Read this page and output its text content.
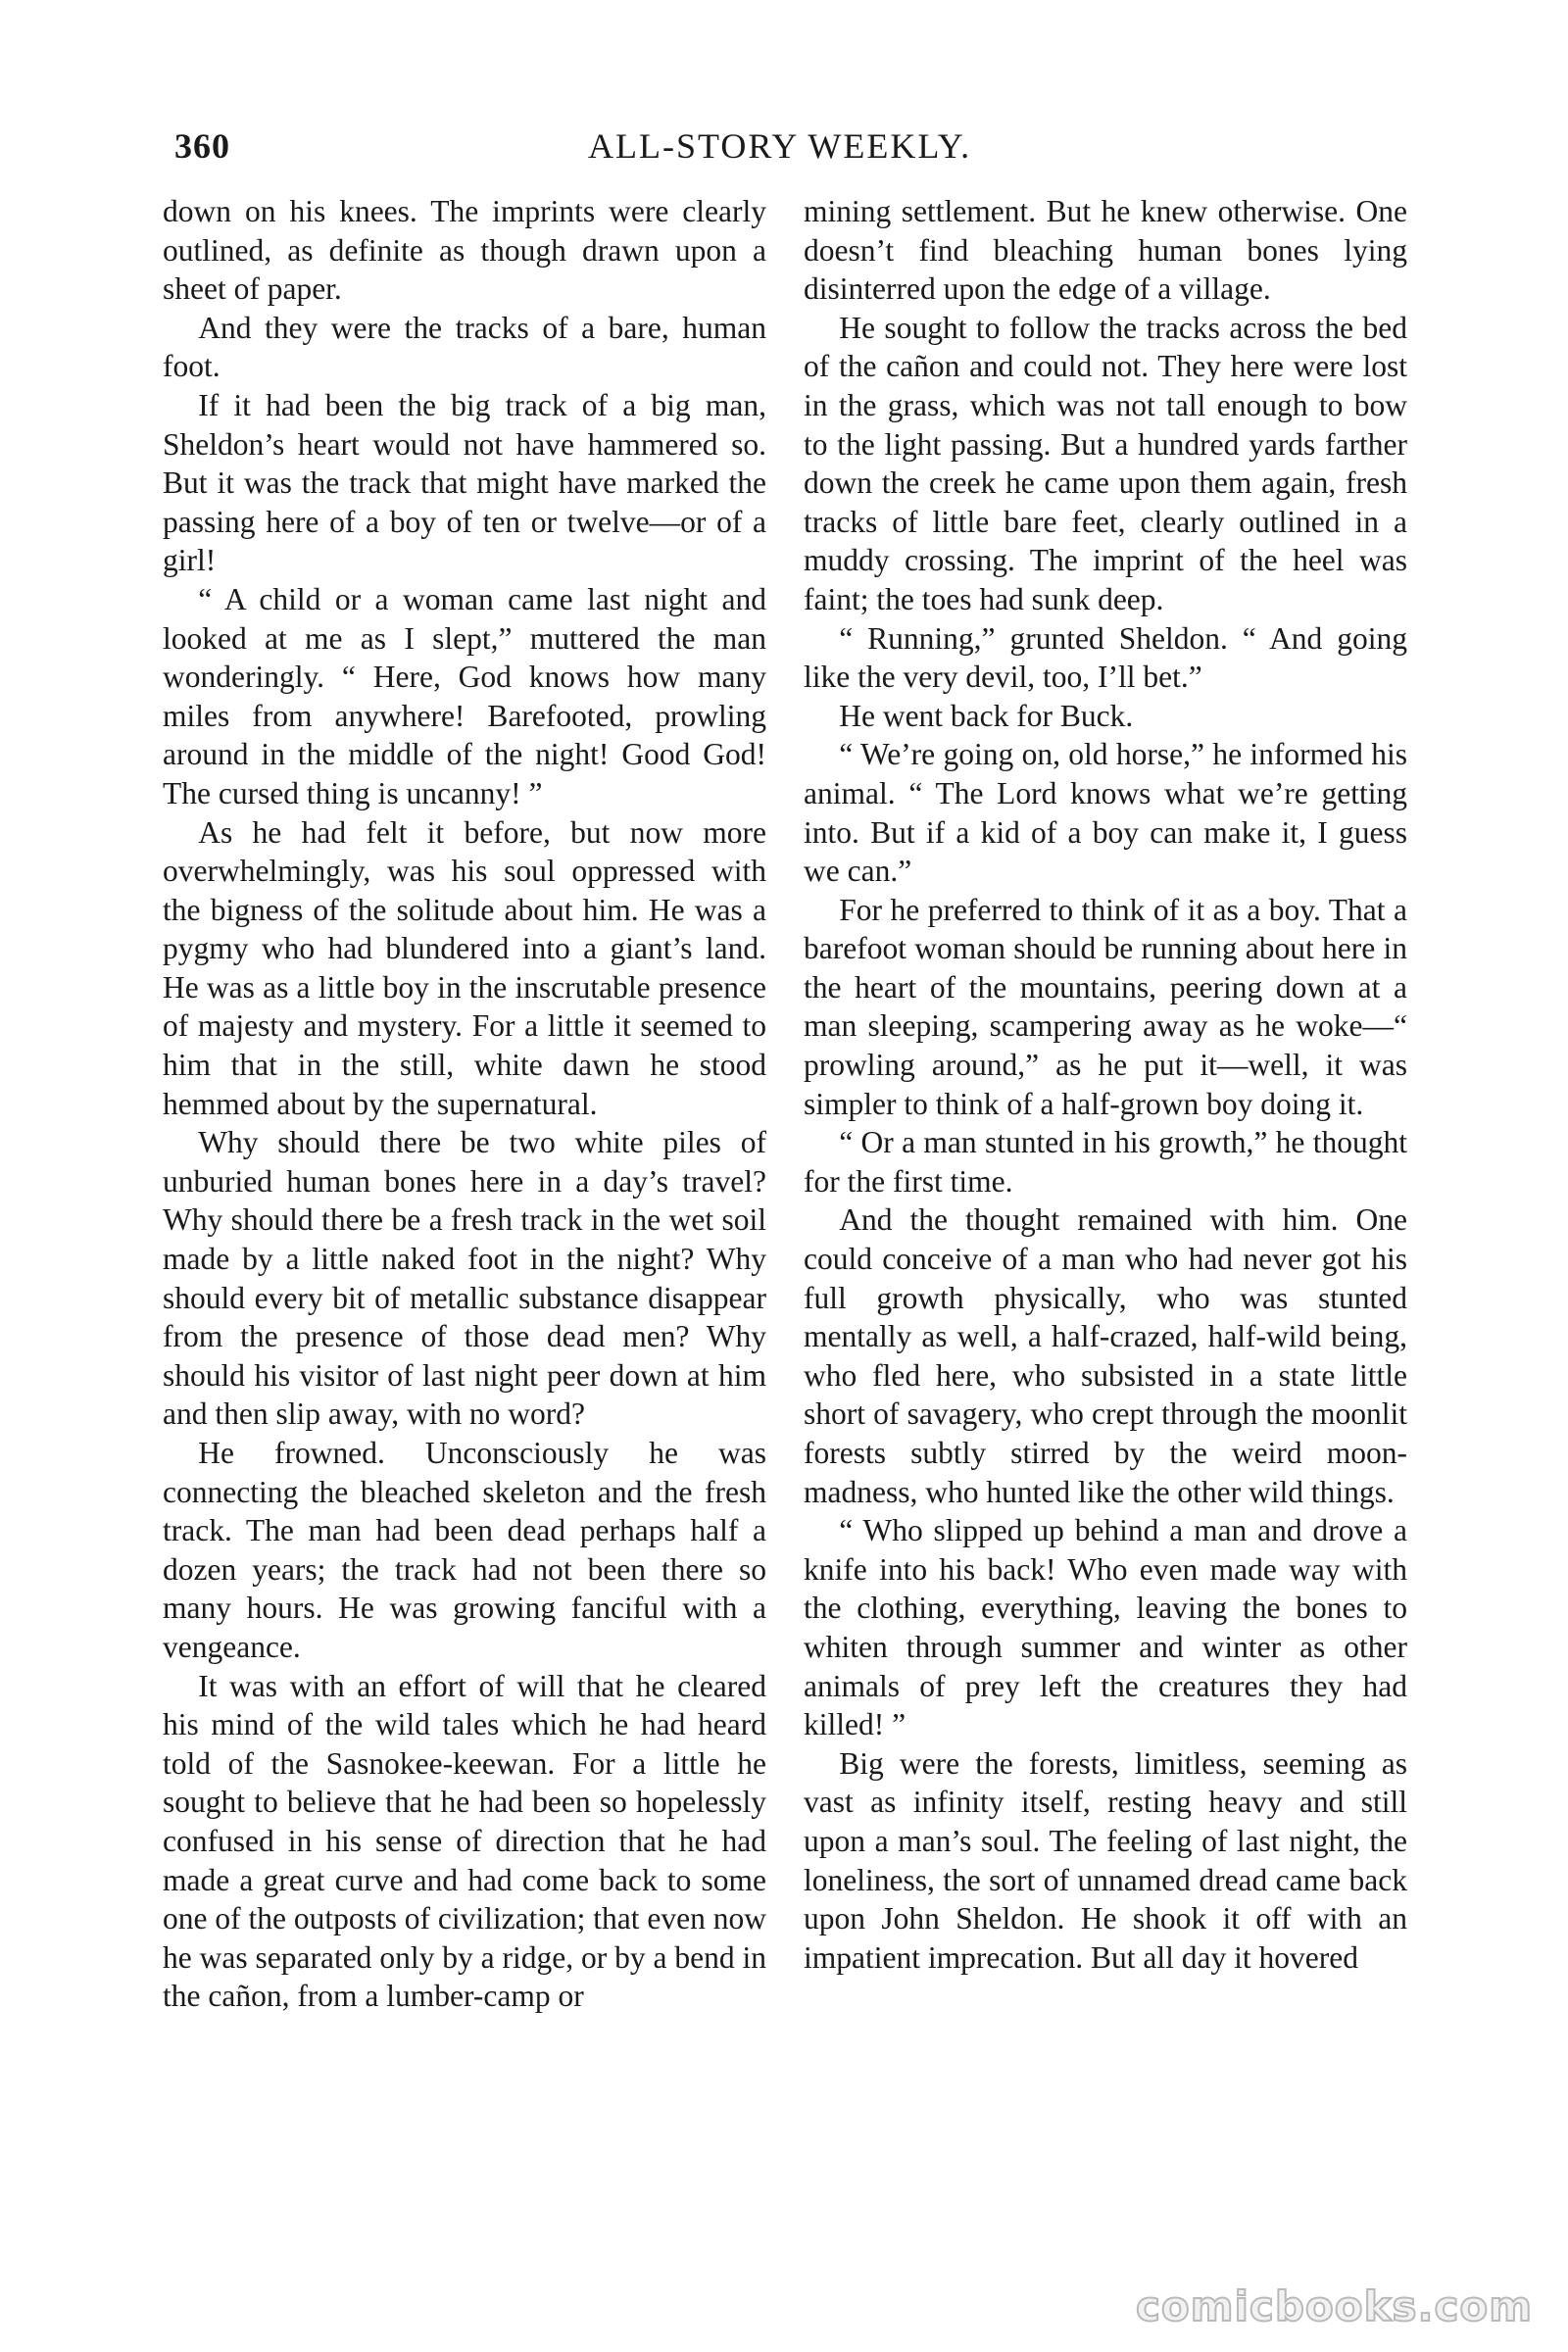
360	ALL-STORY WEEKLY.

down on his knees. The imprints were clearly outlined, as definite as though drawn upon a sheet of paper.

And they were the tracks of a bare, human foot.

If it had been the big track of a big man, Sheldon’s heart would not have hammered so. But it was the track that might have marked the passing here of a boy of ten or twelve—or of a girl!

“ A child or a woman came last night and looked at me as I slept,” muttered the man wonderingly. “ Here, God knows how many miles from anywhere! Barefooted, prowling around in the middle of the night! Good God! The cursed thing is uncanny! ”

As he had felt it before, but now more overwhelmingly, was his soul oppressed with the bigness of the solitude about him. He was a pygmy who had blundered into a giant’s land. He was as a little boy in the inscrutable presence of majesty and mystery. For a little it seemed to him that in the still, white dawn he stood hemmed about by the supernatural.

Why should there be two white piles of unburied human bones here in a day’s travel? Why should there be a fresh track in the wet soil made by a little naked foot in the night? Why should every bit of metallic substance disappear from the presence of those dead men? Why should his visitor of last night peer down at him and then slip away, with no word?

He frowned. Unconsciously he was connecting the bleached skeleton and the fresh track. The man had been dead perhaps half a dozen years; the track had not been there so many hours. He was growing fanciful with a vengeance.

It was with an effort of will that he cleared his mind of the wild tales which he had heard told of the Sasnokee-keewan. For a little he sought to believe that he had been so hopelessly confused in his sense of direction that he had made a great curve and had come back to some one of the outposts of civilization; that even now he was separated only by a ridge, or by a bend in the cañon, from a lumber-camp or

mining settlement. But he knew otherwise. One doesn’t find bleaching human bones lying disinterred upon the edge of a village.

He sought to follow the tracks across the bed of the cañon and could not. They here were lost in the grass, which was not tall enough to bow to the light passing. But a hundred yards farther down the creek he came upon them again, fresh tracks of little bare feet, clearly outlined in a muddy crossing. The imprint of the heel was faint; the toes had sunk deep.

“ Running,” grunted Sheldon. “ And going like the very devil, too, I’ll bet.”

He went back for Buck.

“ We’re going on, old horse,” he informed his animal. “ The Lord knows what we’re getting into. But if a kid of a boy can make it, I guess we can.”

For he preferred to think of it as a boy. That a barefoot woman should be running about here in the heart of the mountains, peering down at a man sleeping, scampering away as he woke—“ prowling around,” as he put it—well, it was simpler to think of a half-grown boy doing it.

“ Or a man stunted in his growth,” he thought for the first time.

And the thought remained with him. One could conceive of a man who had never got his full growth physically, who was stunted mentally as well, a half-crazed, half-wild being, who fled here, who subsisted in a state little short of savagery, who crept through the moonlit forests subtly stirred by the weird moon-madness, who hunted like the other wild things.

“ Who slipped up behind a man and drove a knife into his back! Who even made way with the clothing, everything, leaving the bones to whiten through summer and winter as other animals of prey left the creatures they had killed! ”

Big were the forests, limitless, seeming as vast as infinity itself, resting heavy and still upon a man’s soul. The feeling of last night, the loneliness, the sort of unnamed dread came back upon John Sheldon. He shook it off with an impatient imprecation. But all day it hovered

comicbooks.com
